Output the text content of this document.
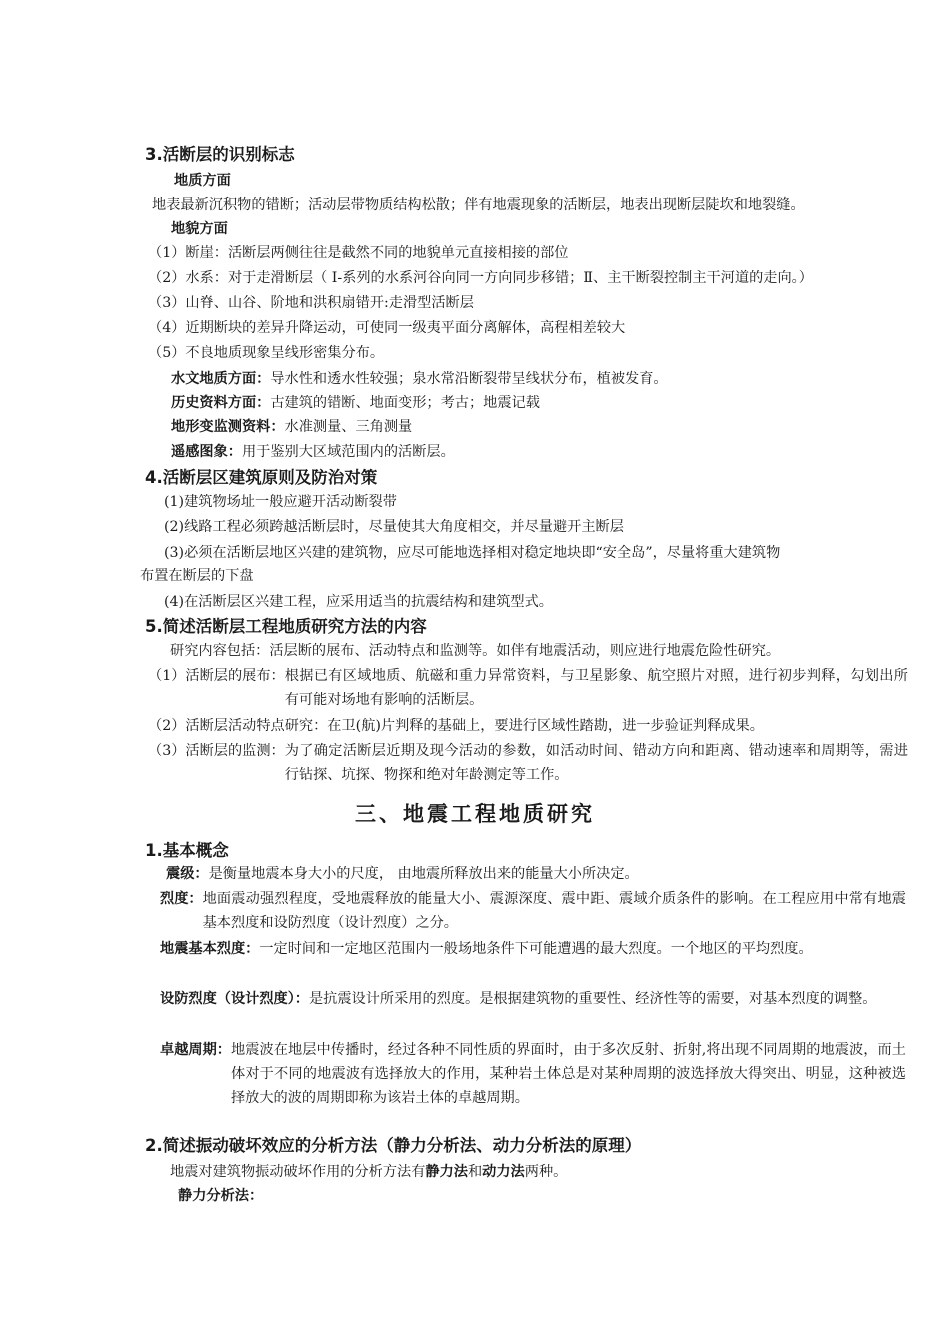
3.活断层的识别标志
地质方面
地表最新沉积物的错断；活动层带物质结构松散；伴有地震现象的活断层，地表出现断层陡坎和地裂缝。
地貌方面
（1）断崖：活断层两侧往往是截然不同的地貌单元直接相接的部位
（2）水系：对于走滑断层（ Ⅰ-系列的水系河谷向同一方向同步移错；Ⅱ、主干断裂控制主干河道的走向。）
（3）山脊、山谷、阶地和洪积扇错开:走滑型活断层
（4）近期断块的差异升降运动，可使同一级夷平面分离解体，高程相差较大
（5）不良地质现象呈线形密集分布。
水文地质方面：导水性和透水性较强；泉水常沿断裂带呈线状分布，植被发育。
历史资料方面：古建筑的错断、地面变形；考古；地震记载
地形变监测资料：水准测量、三角测量
遥感图象：用于鉴别大区域范围内的活断层。
4.活断层区建筑原则及防治对策
(1)建筑物场址一般应避开活动断裂带
(2)线路工程必须跨越活断层时，尽量使其大角度相交，并尽量避开主断层
(3)必须在活断层地区兴建的建筑物，应尽可能地选择相对稳定地块即“安全岛”，尽量将重大建筑物
布置在断层的下盘
(4)在活断层区兴建工程，应采用适当的抗震结构和建筑型式。
5.简述活断层工程地质研究方法的内容
研究内容包括：活层断的展布、活动特点和监测等。如伴有地震活动，则应进行地震危险性研究。
（1）活断层的展布： 根据已有区域地质、航磁和重力异常资料，与卫星影象、航空照片对照，进行初步判释，勾划出所有可能对场地有影响的活断层。
（2）活断层活动特点研究： 在卫(航)片判释的基础上，要进行区域性踏勘，进一步验证判释成果。
（3）活断层的监测： 为了确定活断层近期及现今活动的参数，如活动时间、错动方向和距离、错动速率和周期等，需进行钻探、坑探、物探和绝对年龄测定等工作。
三、地震工程地质研究
1.基本概念
震级： 是衡量地震本身大小的尺度， 由地震所释放出来的能量大小所决定。
烈度： 地面震动强烈程度，受地震释放的能量大小、震源深度、震中距、震域介质条件的影响。在工程应用中常有地震基本烈度和设防烈度（设计烈度）之分。
地震基本烈度： 一定时间和一定地区范围内一般场地条件下可能遭遇的最大烈度。一个地区的平均烈度。
设防烈度（设计烈度）： 是抗震设计所采用的烈度。是根据建筑物的重要性、经济性等的需要，对基本烈度的调整。
卓越周期： 地震波在地层中传播时，经过各种不同性质的界面时，由于多次反射、折射,将出现不同周期的地震波，而土体对于不同的地震波有选择放大的作用，某种岩土体总是对某种周期的波选择放大得突出、明显，这种被选择放大的波的周期即称为该岩土体的卓越周期。
2.简述振动破坏效应的分析方法（静力分析法、动力分析法的原理）
地震对建筑物振动破坏作用的分析方法有静力法和动力法两种。
静力分析法：
